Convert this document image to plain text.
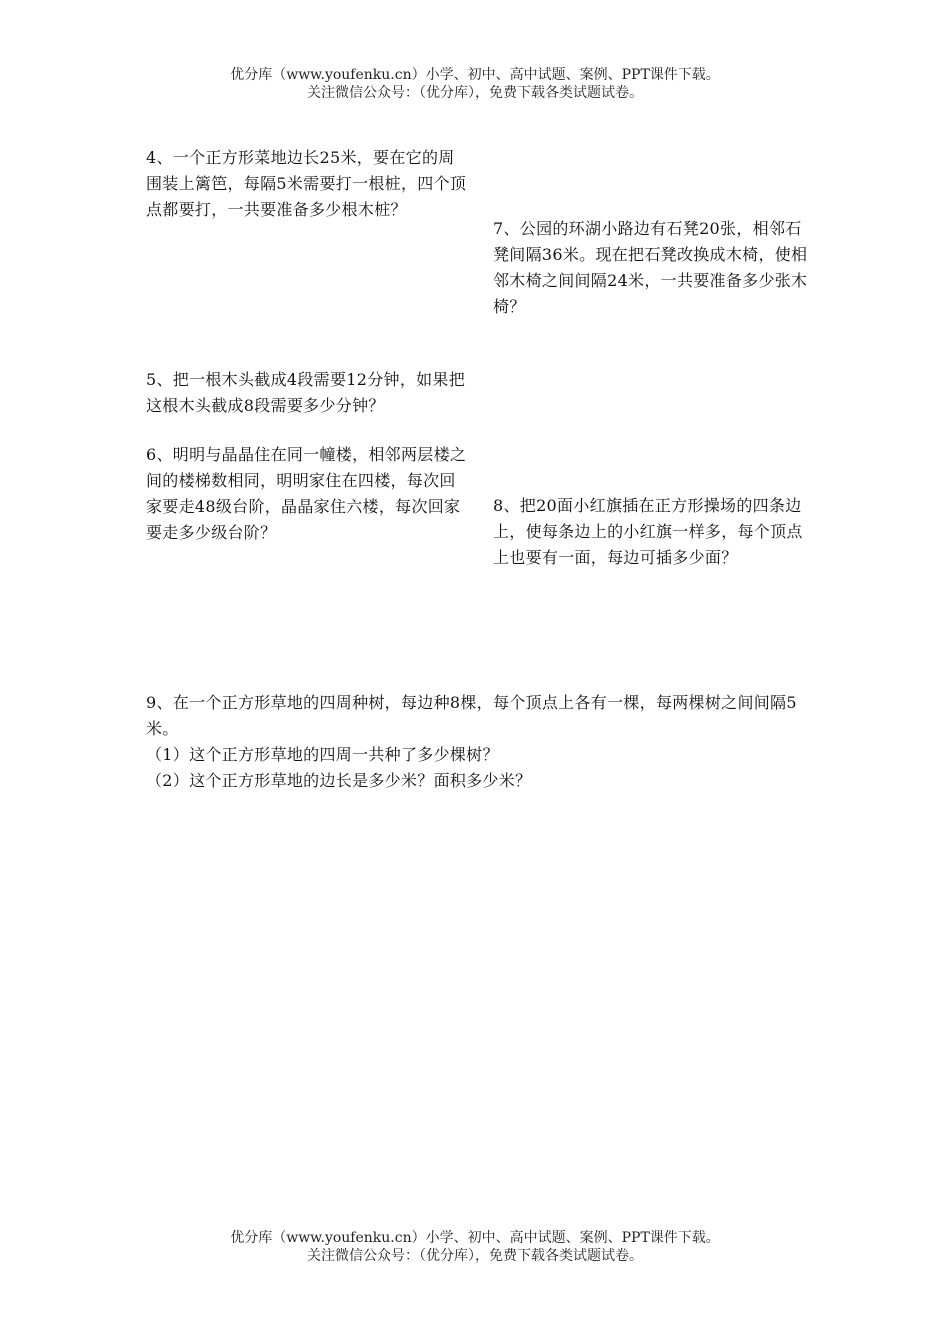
优分库（www.youfenku.cn）小学、初中、高中试题、案例、PPT课件下载。
关注微信公众号：（优分库），免费下载各类试题试卷。

4、一个正方形菜地边长25米，要在它的周围装上篱笆，每隔5米需要打一根桩，四个顶点都要打，一共要准备多少根木桩？

7、公园的环湖小路边有石凳20张，相邻石凳间隔36米。现在把石凳改换成木椅，使相邻木椅之间间隔24米，一共要准备多少张木椅？

5、把一根木头截成4段需要12分钟，如果把这根木头截成8段需要多少分钟？

6、明明与晶晶住在同一幢楼，相邻两层楼之间的楼梯数相同，明明家住在四楼，每次回家要走48级台阶，晶晶家住六楼，每次回家要走多少级台阶？

8、把20面小红旗插在正方形操场的四条边上，使每条边上的小红旗一样多，每个顶点上也要有一面，每边可插多少面？

9、在一个正方形草地的四周种树，每边种8棵，每个顶点上各有一棵，每两棵树之间间隔5米。

（1）这个正方形草地的四周一共种了多少棵树？

（2）这个正方形草地的边长是多少米？面积多少米？

优分库（www.youfenku.cn）小学、初中、高中试题、案例、PPT课件下载。
关注微信公众号：（优分库），免费下载各类试题试卷。
